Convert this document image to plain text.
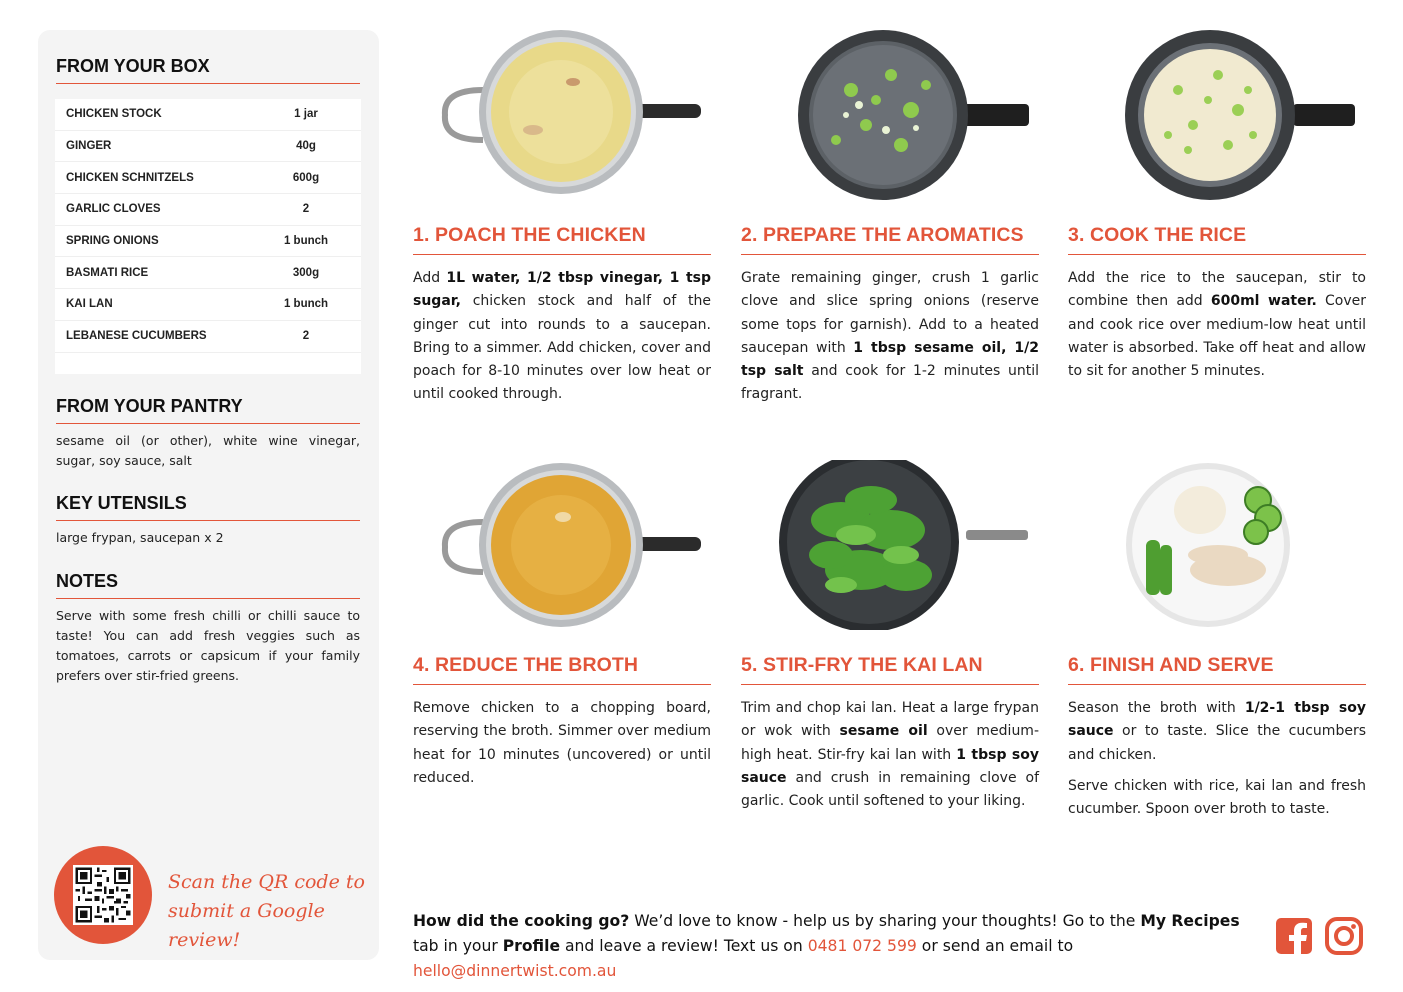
FROM YOUR BOX
CHICKEN STOCK	1 jar
GINGER	40g
CHICKEN SCHNITZELS	600g
GARLIC CLOVES	2
SPRING ONIONS	1 bunch
BASMATI RICE	300g
KAI LAN	1 bunch
LEBANESE CUCUMBERS	2
FROM YOUR PANTRY
sesame oil (or other), white wine vinegar, sugar, soy sauce, salt
KEY UTENSILS
large frypan, saucepan x 2
NOTES
Serve with some fresh chilli or chilli sauce to taste! You can add fresh veggies such as tomatoes, carrots or capsicum if your family prefers over stir-fried greens.
Scan the QR code to
submit a Google review!
1. POACH THE CHICKEN

Add 1L water, 1/2 tbsp vinegar, 1 tsp sugar, chicken stock and half of the ginger cut into rounds to a saucepan. Bring to a simmer. Add chicken, cover and poach for 8-10 minutes over low heat or until cooked through.

2. PREPARE THE AROMATICS

Grate remaining ginger, crush 1 garlic clove and slice spring onions (reserve some tops for garnish). Add to a heated saucepan with 1 tbsp sesame oil, 1/2 tsp salt and cook for 1-2 minutes until fragrant.

3. COOK THE RICE

Add the rice to the saucepan, stir to combine then add 600ml water. Cover and cook rice over medium-low heat until water is absorbed. Take off heat and allow to sit for another 5 minutes.

4. REDUCE THE BROTH

Remove chicken to a chopping board, reserving the broth. Simmer over medium heat for 10 minutes (uncovered) or until reduced.

5. STIR-FRY THE KAI LAN

Trim and chop kai lan. Heat a large frypan or wok with sesame oil over medium-high heat. Stir-fry kai lan with 1 tbsp soy sauce and crush in remaining clove of garlic. Cook until softened to your liking.

6. FINISH AND SERVE

Season the broth with 1/2-1 tbsp soy sauce or to taste. Slice the cucumbers and chicken.

Serve chicken with rice, kai lan and fresh cucumber. Spoon over broth to taste.

How did the cooking go? We’d love to know - help us by sharing your thoughts! Go to the My Recipes tab in your Profile and leave a review! Text us on 0481 072 599 or send an email to hello@dinnertwist.com.au
